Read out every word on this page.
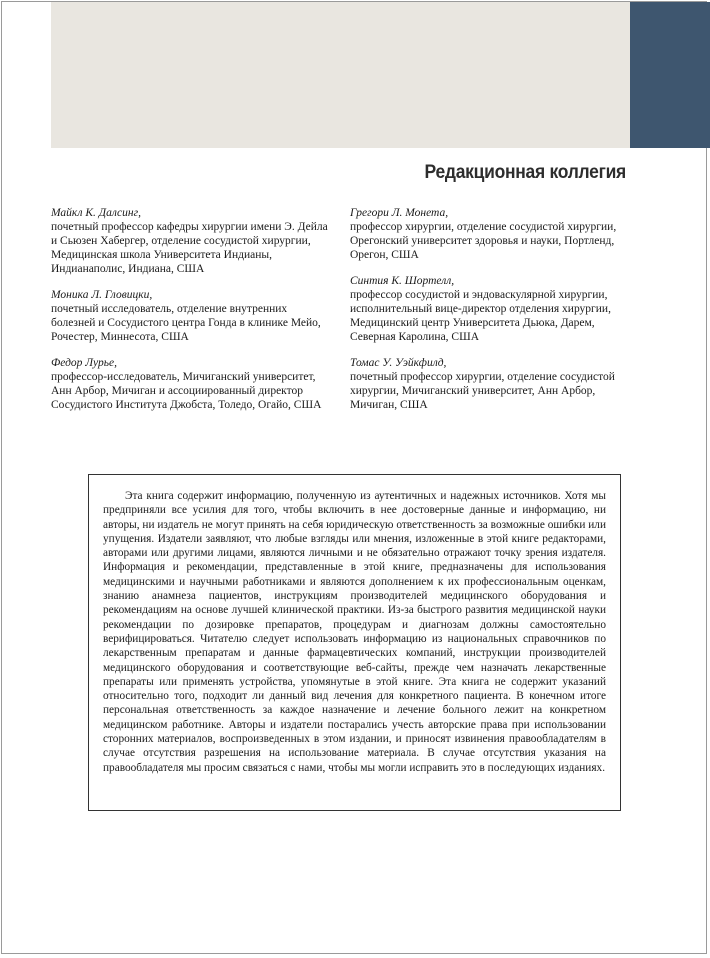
Редакционная коллегия
Майкл К. Далсинг,
почетный профессор кафедры хирургии имени Э. Дейла и Сьюзен Хабергер, отделение сосудистой хирургии, Медицинская школа Университета Индианы, Индианаполис, Индиана, США
Моника Л. Гловицки,
почетный исследователь, отделение внутренних болезней и Сосудистого центра Гонда в клинике Мейо, Рочестер, Миннесота, США
Федор Лурье,
профессор-исследователь, Мичиганский университет, Анн Арбор, Мичиган и ассоциированный директор Сосудистого Института Джобста, Толедо, Огайо, США
Грегори Л. Монета,
профессор хирургии, отделение сосудистой хирургии, Орегонский университет здоровья и науки, Портленд, Орегон, США
Синтия К. Шортелл,
профессор сосудистой и эндоваскулярной хирургии, исполнительный вице-директор отделения хирургии, Медицинский центр Университета Дьюка, Дарем, Северная Каролина, США
Томас У. Уэйкфилд,
почетный профессор хирургии, отделение сосудистой хирургии, Мичиганский университет, Анн Арбор, Мичиган, США

Эта книга содержит информацию, полученную из аутентичных и надежных источников. Хотя мы предприняли все усилия для того, чтобы включить в нее достоверные данные и информацию, ни авторы, ни издатель не могут принять на себя юридическую ответственность за возможные ошибки или упущения. Издатели заявляют, что любые взгляды или мнения, изложенные в этой книге редакторами, авторами или другими лицами, являются личными и не обязательно отражают точку зрения издателя. Информация и рекомендации, представленные в этой книге, предназначены для использования медицинскими и научными работниками и являются дополнением к их профессиональным оценкам, знанию анамнеза пациентов, инструкциям производителей медицинского оборудования и рекомендациям на основе лучшей клинической практики. Из-за быстрого развития медицинской науки рекомендации по дозировке препаратов, процедурам и диагнозам должны самостоятельно верифицироваться. Читателю следует использовать информацию из национальных справочников по лекарственным препаратам и данные фармацевтических компаний, инструкции производителей медицинского оборудования и соответствующие веб-сайты, прежде чем назначать лекарственные препараты или применять устройства, упомянутые в этой книге. Эта книга не содержит указаний относительно того, подходит ли данный вид лечения для конкретного пациента. В конечном итоге персональная ответственность за каждое назначение и лечение больного лежит на конкретном медицинском работнике. Авторы и издатели постарались учесть авторские права при использовании сторонних материалов, воспроизведенных в этом издании, и приносят извинения правообладателям в случае отсутствия разрешения на использование материала. В случае отсутствия указания на правообладателя мы просим связаться с нами, чтобы мы могли исправить это в последующих изданиях.
